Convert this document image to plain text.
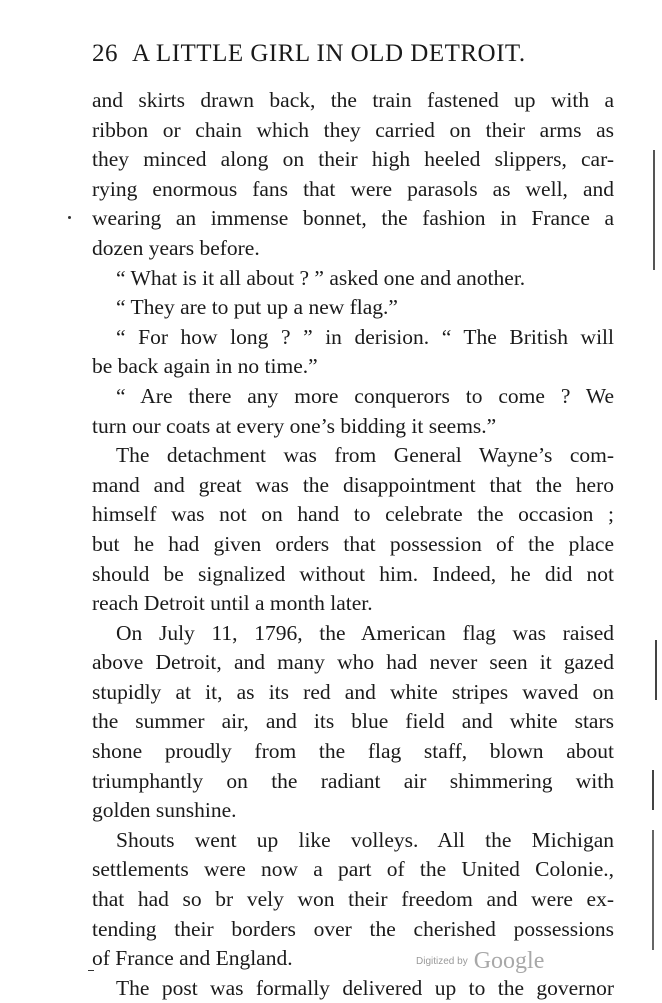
26 A LITTLE GIRL IN OLD DETROIT.
and skirts drawn back, the train fastened up with a
ribbon or chain which they carried on their arms as
they minced along on their high heeled slippers, car-
rying enormous fans that were parasols as well, and
wearing an immense bonnet, the fashion in France a
dozen years before.
“ What is it all about ? ” asked one and another.
“ They are to put up a new flag.”
“ For how long ? ” in derision. “ The British will
be back again in no time.”
“ Are there any more conquerors to come ? We
turn our coats at every one’s bidding it seems.”
The detachment was from General Wayne’s com-
mand and great was the disappointment that the hero
himself was not on hand to celebrate the occasion ;
but he had given orders that possession of the place
should be signalized without him. Indeed, he did not
reach Detroit until a month later.
On July 11, 1796, the American flag was raised
above Detroit, and many who had never seen it gazed
stupidly at it, as its red and white stripes waved on
the summer air, and its blue field and white stars
shone proudly from the flag staff, blown about
triumphantly on the radiant air shimmering with
golden sunshine.
Shouts went up like volleys. All the Michigan
settlements were now a part of the United Colonie.,
that had so br vely won their freedom and were ex-
tending their borders over the cherished possessions
of France and England.
The post was formally delivered up to the governor
Digitized by Google
